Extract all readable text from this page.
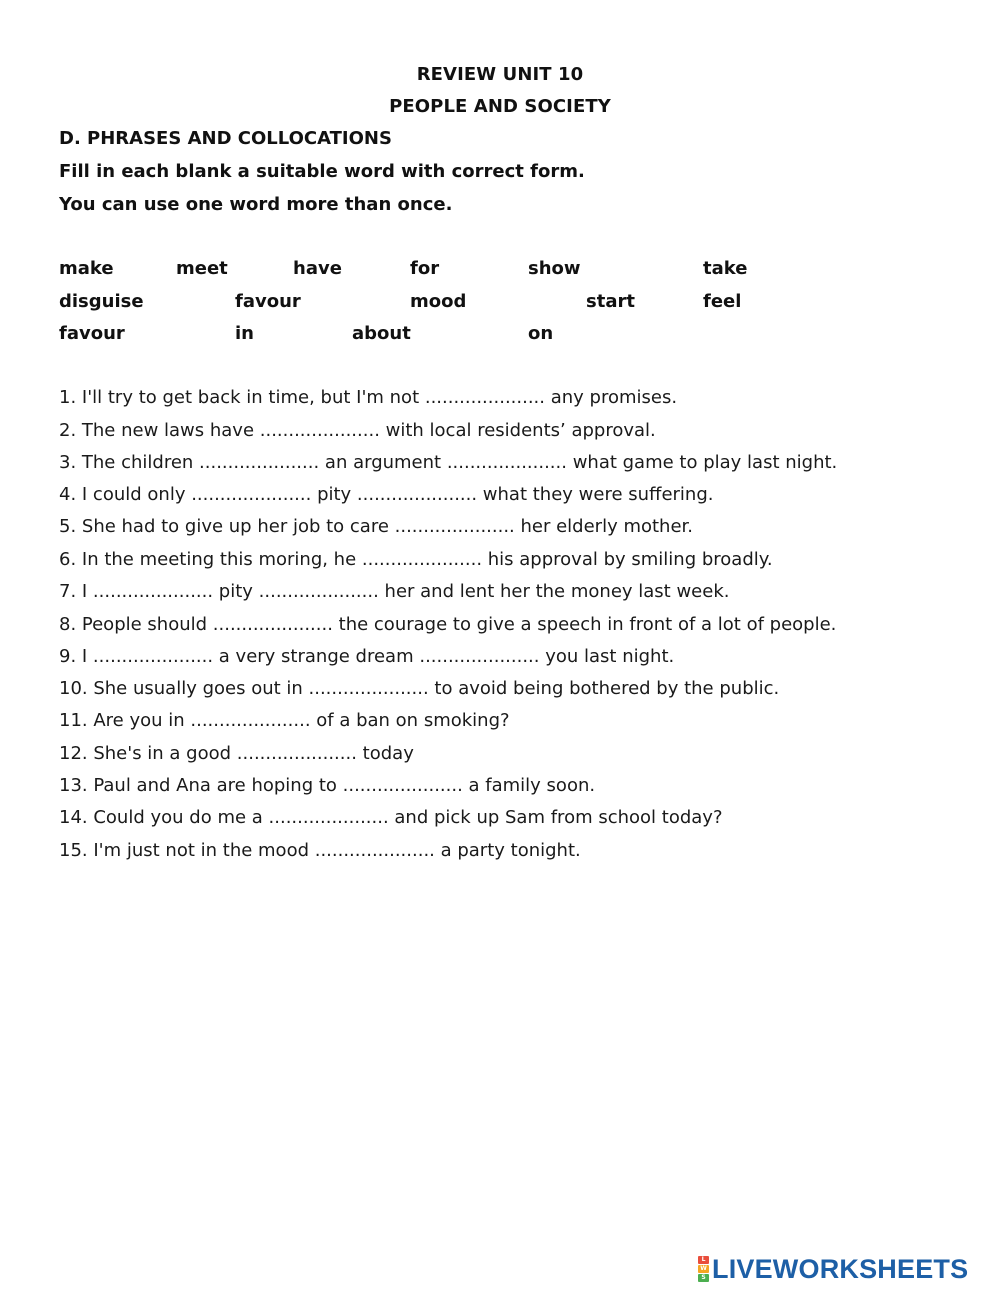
REVIEW UNIT 10
PEOPLE AND SOCIETY
D. PHRASES AND COLLOCATIONS
Fill in each blank a suitable word with correct form.
You can use one word more than once.
make	meet	have	for	show	take
disguise	favour	mood	start	feel
favour	in	about	on
1. I'll try to get back in time, but I'm not ..................... any promises.
2. The new laws have ..................... with local residents’ approval.
3. The children ..................... an argument ..................... what game to play last night.
4. I could only ..................... pity ..................... what they were suffering.
5. She had to give up her job to care ..................... her elderly mother.
6. In the meeting this moring, he ..................... his approval by smiling broadly.
7. I ..................... pity ..................... her and lent her the money last week.
8. People should ..................... the courage to give a speech in front of a lot of people.
9. I ..................... a very strange dream ..................... you last night.
10. She usually goes out in ..................... to avoid being bothered by the public.
11. Are you in ..................... of a ban on smoking?
12. She's in a good ..................... today
13. Paul and Ana are hoping to ..................... a family soon.
14. Could you do me a ..................... and pick up Sam from school today?
15. I'm just not in the mood ..................... a party tonight.
L
W
S LIVEWORKSHEETS
